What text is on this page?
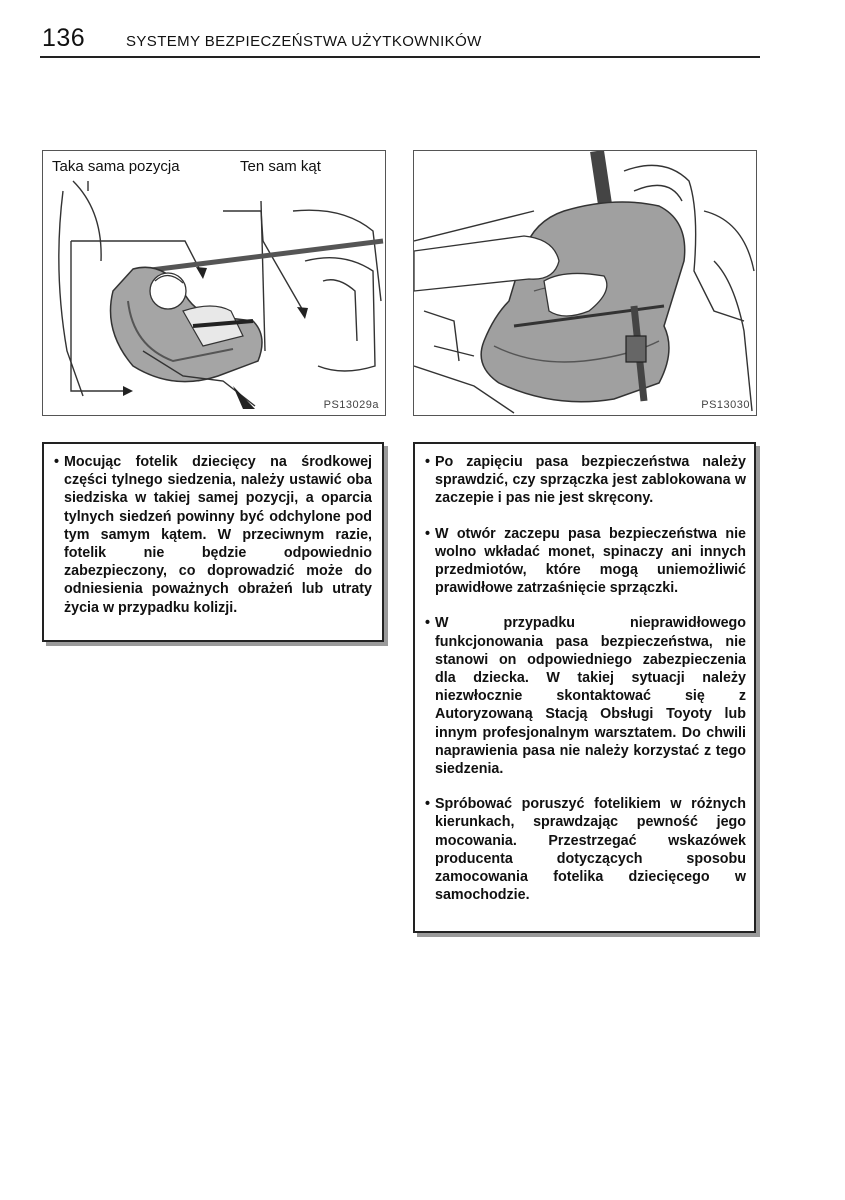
136	SYSTEMY BEZPIECZEŃSTWA UŻYTKOWNIKÓW
Taka sama pozycja	Ten sam kąt
PS13029a	PS13030

• Mocując fotelik dziecięcy na środkowej części tylnego siedzenia, należy ustawić oba siedziska w takiej samej pozycji, a oparcia tylnych siedzeń powinny być odchylone pod tym samym kątem. W przeciwnym razie, fotelik nie będzie odpowiednio zabezpieczony, co doprowadzić może do odniesienia poważnych obrażeń lub utraty życia w przypadku kolizji.

• Po zapięciu pasa bezpieczeństwa należy sprawdzić, czy sprzączka jest zablokowana w zaczepie i pas nie jest skręcony.

• W otwór zaczepu pasa bezpieczeństwa nie wolno wkładać monet, spinaczy ani innych przedmiotów, które mogą uniemożliwić prawidłowe zatrzaśnięcie sprzączki.

• W przypadku nieprawidłowego funkcjonowania pasa bezpieczeństwa, nie stanowi on odpowiedniego zabezpieczenia dla dziecka. W takiej sytuacji należy niezwłocznie skontaktować się z Autoryzowaną Stacją Obsługi Toyoty lub innym profesjonalnym warsztatem. Do chwili naprawienia pasa nie należy korzystać z tego siedzenia.

• Spróbować poruszyć fotelikiem w różnych kierunkach, sprawdzając pewność jego mocowania. Przestrzegać wskazówek producenta dotyczących sposobu zamocowania fotelika dziecięcego w samochodzie.
